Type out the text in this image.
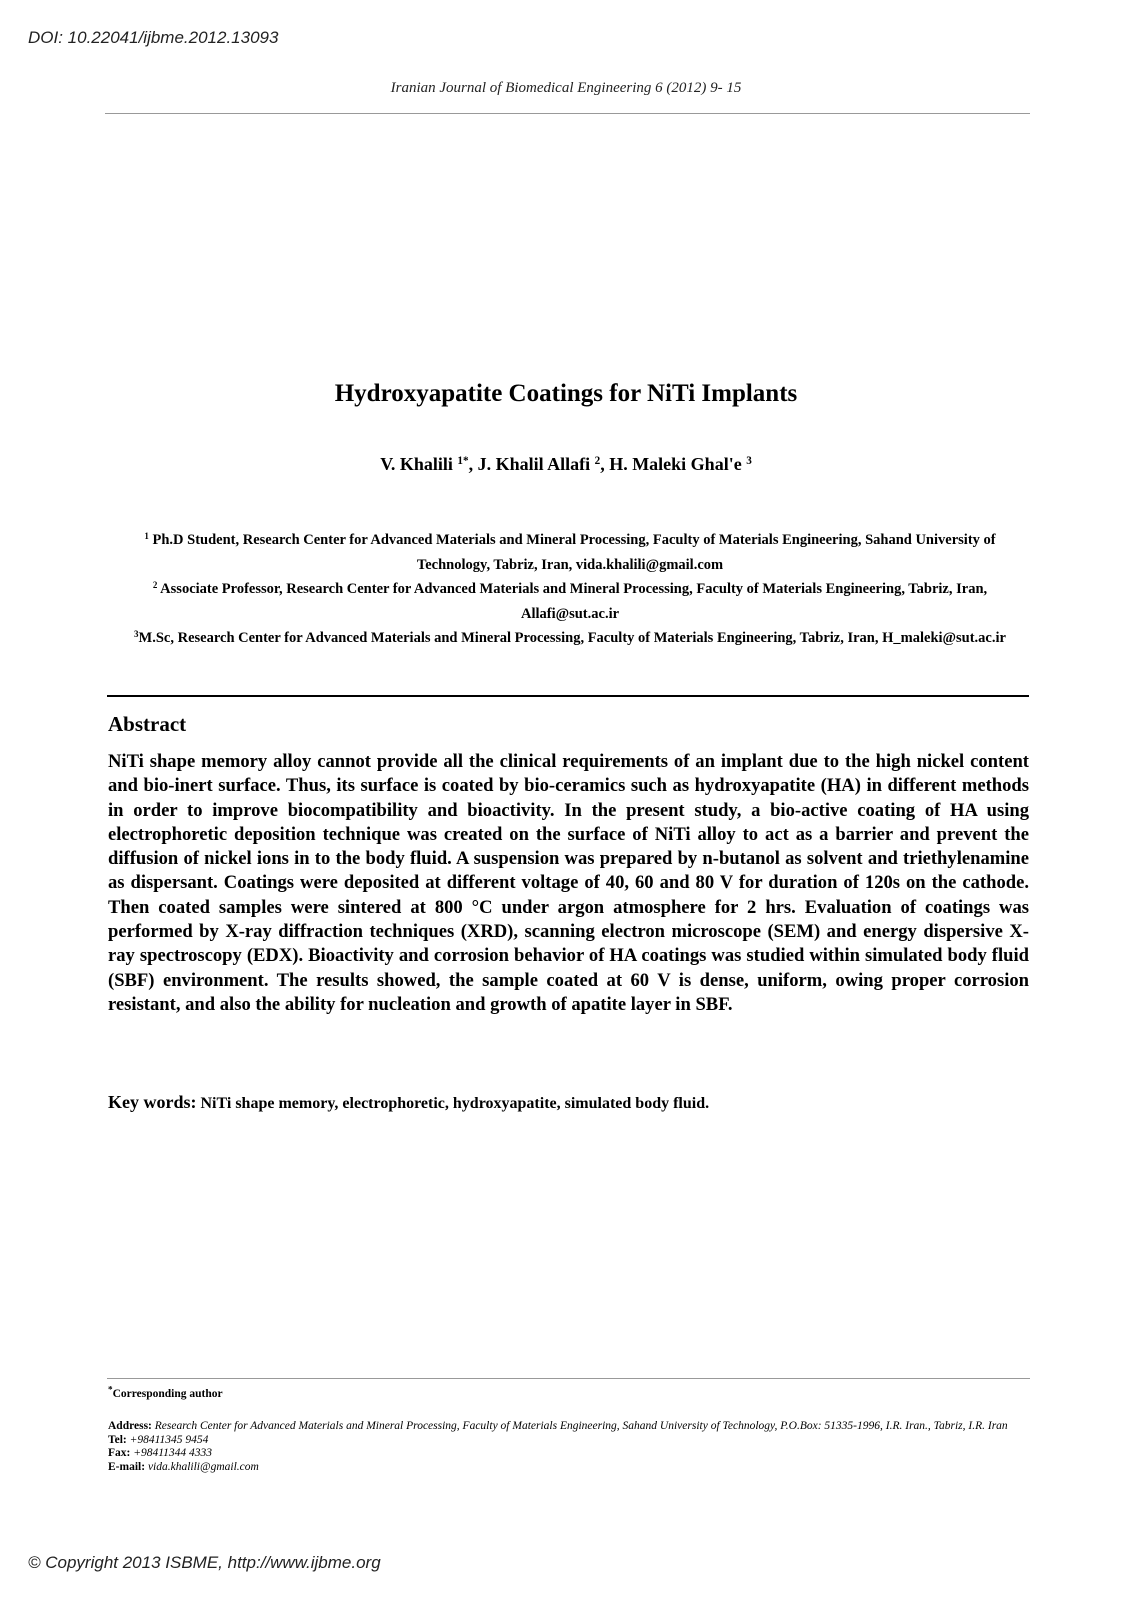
DOI: 10.22041/ijbme.2012.13093
Iranian Journal of Biomedical Engineering 6 (2012) 9- 15
Hydroxyapatite Coatings for NiTi Implants
V. Khalili $^{1*}$, J. Khalil Allafi $^2$, H. Maleki Ghal'e $^3$
$^1$ Ph.D Student, Research Center for Advanced Materials and Mineral Processing, Faculty of Materials Engineering, Sahand University of Technology, Tabriz, Iran, vida.khalili@gmail.com
$^2$ Associate Professor, Research Center for Advanced Materials and Mineral Processing, Faculty of Materials Engineering, Tabriz, Iran, Allafi@sut.ac.ir
$^3$M.Sc, Research Center for Advanced Materials and Mineral Processing, Faculty of Materials Engineering, Tabriz, Iran, H_maleki@sut.ac.ir
Abstract
NiTi shape memory alloy cannot provide all the clinical requirements of an implant due to the high nickel content and bio-inert surface. Thus, its surface is coated by bio-ceramics such as hydroxyapatite (HA) in different methods in order to improve biocompatibility and bioactivity. In the present study, a bio-active coating of HA using electrophoretic deposition technique was created on the surface of NiTi alloy to act as a barrier and prevent the diffusion of nickel ions in to the body fluid. A suspension was prepared by n-butanol as solvent and triethylenamine as dispersant. Coatings were deposited at different voltage of 40, 60 and 80 V for duration of 120s on the cathode. Then coated samples were sintered at 800 °C under argon atmosphere for 2 hrs. Evaluation of coatings was performed by X-ray diffraction techniques (XRD), scanning electron microscope (SEM) and energy dispersive X-ray spectroscopy (EDX). Bioactivity and corrosion behavior of HA coatings was studied within simulated body fluid (SBF) environment. The results showed, the sample coated at 60 V is dense, uniform, owing proper corrosion resistant, and also the ability for nucleation and growth of apatite layer in SBF.
Key words: NiTi shape memory, electrophoretic, hydroxyapatite, simulated body fluid.
*Corresponding author
Address: Research Center for Advanced Materials and Mineral Processing, Faculty of Materials Engineering, Sahand University of Technology, P.O.Box: 51335-1996, I.R. Iran., Tabriz, I.R. Iran
Tel: +98411345 9454
Fax: +98411344 4333
E-mail: vida.khalili@gmail.com
© Copyright 2013 ISBME, http://www.ijbme.org
